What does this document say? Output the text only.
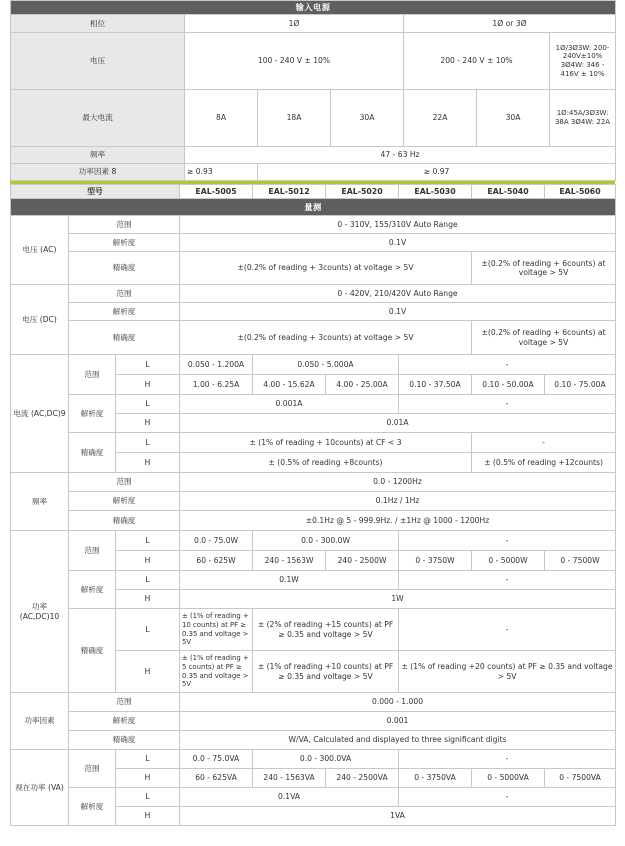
输入电源						
相位	1Ø			1Ø or 3Ø		
电压	100 - 240 V ± 10%			200 - 240 V ± 10%		1Ø/3Ø3W: 200-240V±10% 3Ø4W: 346 - 416V ± 10%
最大电流	8A	18A	30A	22A	30A	1Ø:45A/3Ø3W: 38A 3Ø4W: 22A
频率	47 - 63 Hz					
功率因素 8	≥ 0.93	≥ 0.97				
型号			EAL-5005	EAL-5012	EAL-5020	EAL-5030	EAL-5040	EAL-5060
量测								
电压 (AC)	范围		0 - 310V, 155/310V Auto Range					
	解析度		0.1V					
	精确度		±(0.2% of reading + 3counts) at voltage > 5V				±(0.2% of reading + 6counts) at voltage > 5V	
电压 (DC)	范围		0 - 420V, 210/420V Auto Range					
	解析度		0.1V					
	精确度		±(0.2% of reading + 3counts) at voltage > 5V				±(0.2% of reading + 6counts) at voltage > 5V	
电流 (AC,DC)9	范围	L	0.050 - 1.200A	0.050 - 5.000A		-		
		H	1.00 - 6.25A	4.00 - 15.62A	4.00 - 25.00A	0.10 - 37.50A	0.10 - 50.00A	0.10 - 75.00A
	解析度	L	0.001A			-		
		H	0.01A					
	精确度	L	± (1% of reading + 10counts) at CF < 3				-	
		H	± (0.5% of reading +8counts)				± (0.5% of reading +12counts)	
频率	范围		0.0 - 1200Hz					
	解析度		0.1Hz / 1Hz					
	精确度		±0.1Hz @ 5 - 999.9Hz. / ±1Hz @ 1000 - 1200Hz					
功率 (AC,DC)10	范围	L	0.0 - 75.0W	0.0 - 300.0W		-		
		H	60 - 625W	240 - 1563W	240 - 2500W	0 - 3750W	0 - 5000W	0 - 7500W
	解析度	L	0.1W			-		
		H	1W					
	精确度	L	± (1% of reading + 10 counts) at PF ≥ 0.35 and voltage > 5V	± (2% of reading +15 counts) at PF ≥ 0.35 and voltage > 5V		-		
		H	± (1% of reading + 5 counts) at PF ≥ 0.35 and voltage > 5V	± (1% of reading +10 counts) at PF ≥ 0.35 and voltage > 5V		± (1% of reading +20 counts) at PF ≥ 0.35 and voltage > 5V		
功率因素	范围		0.000 - 1.000					
	解析度		0.001					
	精确度		W/VA, Calculated and displayed to three significant digits					
视在功率 (VA)	范围	L	0.0 - 75.0VA	0.0 - 300.0VA		-		
		H	60 - 625VA	240 - 1563VA	240 - 2500VA	0 - 3750VA	0 - 5000VA	0 - 7500VA
	解析度	L	0.1VA			-		
		H	1VA					
